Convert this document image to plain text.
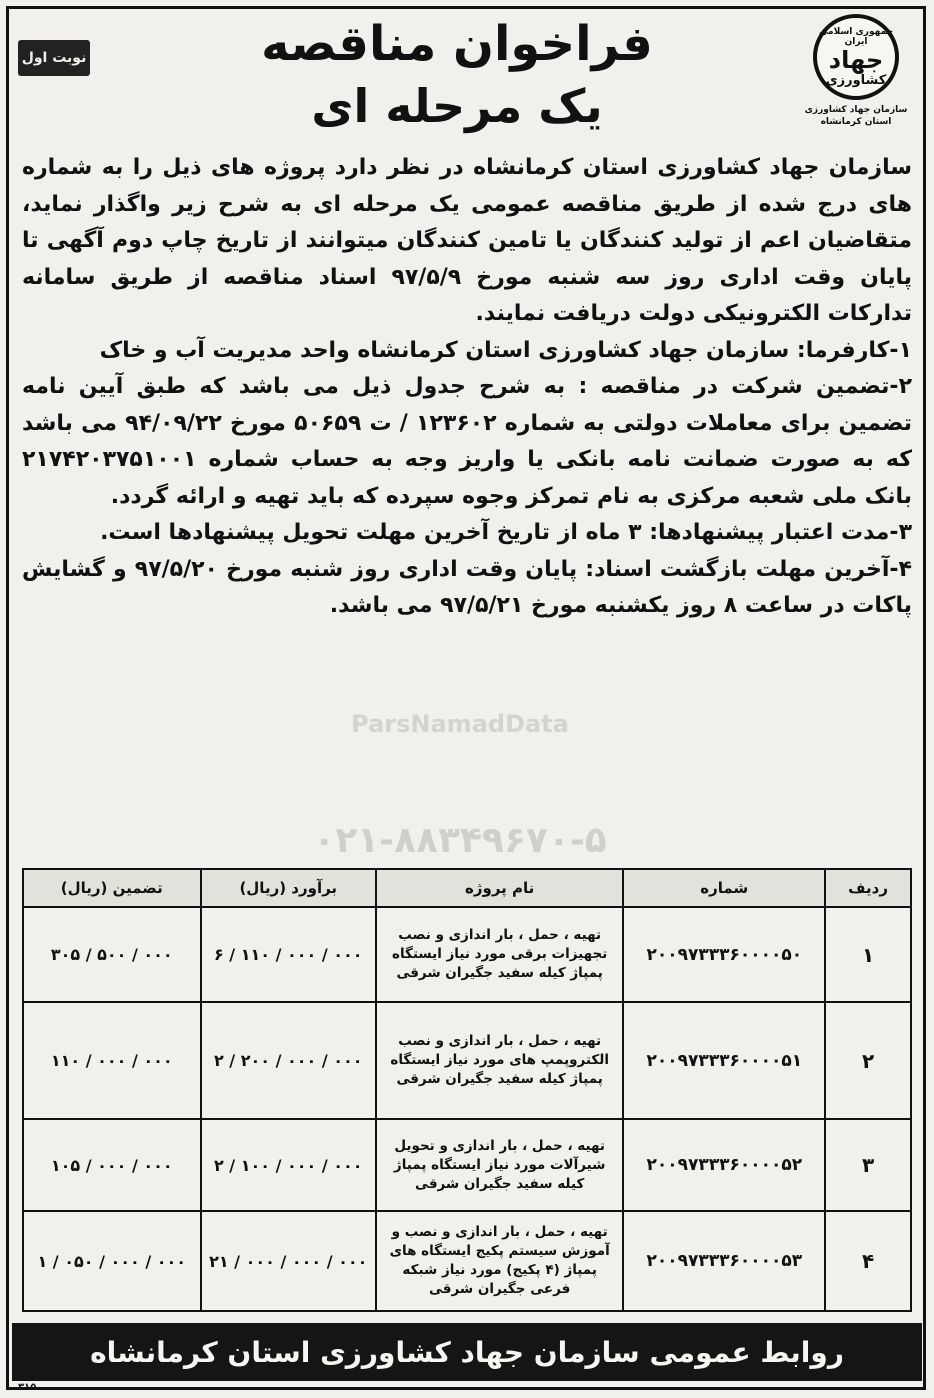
جمهوری اسلامی ایران
جهاد
کشاورزی
سازمان جهاد کشاورزی
استان کرمانشاه
فراخوان مناقصه
یک مرحله ای
نوبت اول
ParsNamadData
۰۲۱-۸۸۳۴۹۶۷۰-۵

سازمان جهاد کشاورزی استان کرمانشاه در نظر دارد پروژه های ذیل را به شماره های درج شده از طریق مناقصه عمومی یک مرحله ای به شرح زیر واگذار نماید، متقاضیان اعم از تولید کنندگان یا تامین کنندگان میتوانند از تاریخ چاپ دوم آگهی تا پایان وقت اداری روز سه شنبه مورخ ۹۷/۵/۹ اسناد مناقصه از طریق سامانه تدارکات الکترونیکی دولت دریافت نمایند.

۱-کارفرما: سازمان جهاد کشاورزی استان کرمانشاه واحد مدیریت آب و خاک

۲-تضمین شرکت در مناقصه : به شرح جدول ذیل می باشد که طبق آیین نامه تضمین برای معاملات دولتی به شماره ۱۲۳۶۰۲ / ت ۵۰۶۵۹ مورخ ۹۴/۰۹/۲۲ می باشد که به صورت ضمانت نامه بانکی یا واریز وجه به حساب شماره ۲۱۷۴۲۰۳۷۵۱۰۰۱ بانک ملی شعبه مرکزی به نام تمرکز وجوه سپرده که باید تهیه و ارائه گردد.

۳-مدت اعتبار پیشنهادها: ۳ ماه از تاریخ آخرین مهلت تحویل پیشنهادها است.

۴-آخرین مهلت بازگشت اسناد: پایان وقت اداری روز شنبه مورخ ۹۷/۵/۲۰ و گشایش پاکات در ساعت ۸ روز یکشنبه مورخ ۹۷/۵/۲۱ می باشد.

ردیف	شماره	نام پروژه	برآورد (ریال)	تضمین (ریال)
۱	۲۰۰۹۷۳۳۳۶۰۰۰۰۵۰	تهیه ، حمل ، بار اندازی و نصب تجهیزات برقی مورد نیاز ایستگاه پمپاژ کیله سفید جگیران شرقی	۶ / ۱۱۰ / ۰۰۰ / ۰۰۰	۳۰۵ / ۵۰۰ / ۰۰۰
۲	۲۰۰۹۷۳۳۳۶۰۰۰۰۵۱	تهیه ، حمل ، بار اندازی و نصب الکتروپمپ های مورد نیاز ایستگاه پمپاژ کیله سفید جگیران شرقی	۲ / ۲۰۰ / ۰۰۰ / ۰۰۰	۱۱۰ / ۰۰۰ / ۰۰۰
۳	۲۰۰۹۷۳۳۳۶۰۰۰۰۵۲	تهیه ، حمل ، بار اندازی و تحویل شیرآلات مورد نیاز ایستگاه پمپاژ کیله سفید جگیران شرقی	۲ / ۱۰۰ / ۰۰۰ / ۰۰۰	۱۰۵ / ۰۰۰ / ۰۰۰
۴	۲۰۰۹۷۳۳۳۶۰۰۰۰۵۳	تهیه ، حمل ، بار اندازی و نصب و آموزش سیستم پکیج ایستگاه های پمپاژ (۴ پکیج) مورد نیاز شبکه فرعی جگیران شرقی	۲۱ / ۰۰۰ / ۰۰۰ / ۰۰۰	۱ / ۰۵۰ / ۰۰۰ / ۰۰۰
روابط عمومی سازمان جهاد کشاورزی استان کرمانشاه
۳۱۵
